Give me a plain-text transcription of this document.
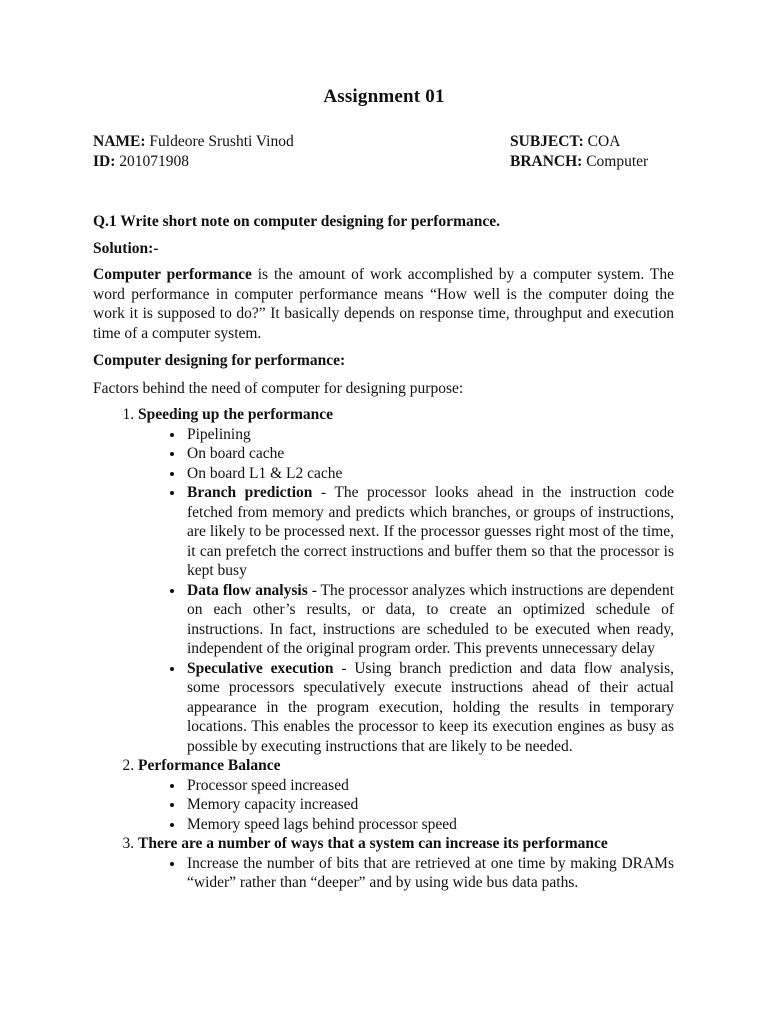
Assignment 01
NAME: Fuldeore Srushti Vinod	SUBJECT: COA
ID: 201071908	BRANCH: Computer
Q.1 Write short note on computer designing for performance.
Solution:-
Computer performance is the amount of work accomplished by a computer system. The word performance in computer performance means “How well is the computer doing the work it is supposed to do?” It basically depends on response time, throughput and execution time of a computer system.
Computer designing for performance:
Factors behind the need of computer for designing purpose:
1. Speeding up the performance
• Pipelining
• On board cache
• On board L1 & L2 cache
• Branch prediction - The processor looks ahead in the instruction code fetched from memory and predicts which branches, or groups of instructions, are likely to be processed next. If the processor guesses right most of the time, it can prefetch the correct instructions and buffer them so that the processor is kept busy
• Data flow analysis - The processor analyzes which instructions are dependent on each other’s results, or data, to create an optimized schedule of instructions. In fact, instructions are scheduled to be executed when ready, independent of the original program order. This prevents unnecessary delay
• Speculative execution - Using branch prediction and data flow analysis, some processors speculatively execute instructions ahead of their actual appearance in the program execution, holding the results in temporary locations. This enables the processor to keep its execution engines as busy as possible by executing instructions that are likely to be needed.
2. Performance Balance
• Processor speed increased
• Memory capacity increased
• Memory speed lags behind processor speed
3. There are a number of ways that a system can increase its performance
• Increase the number of bits that are retrieved at one time by making DRAMs “wider” rather than “deeper” and by using wide bus data paths.
